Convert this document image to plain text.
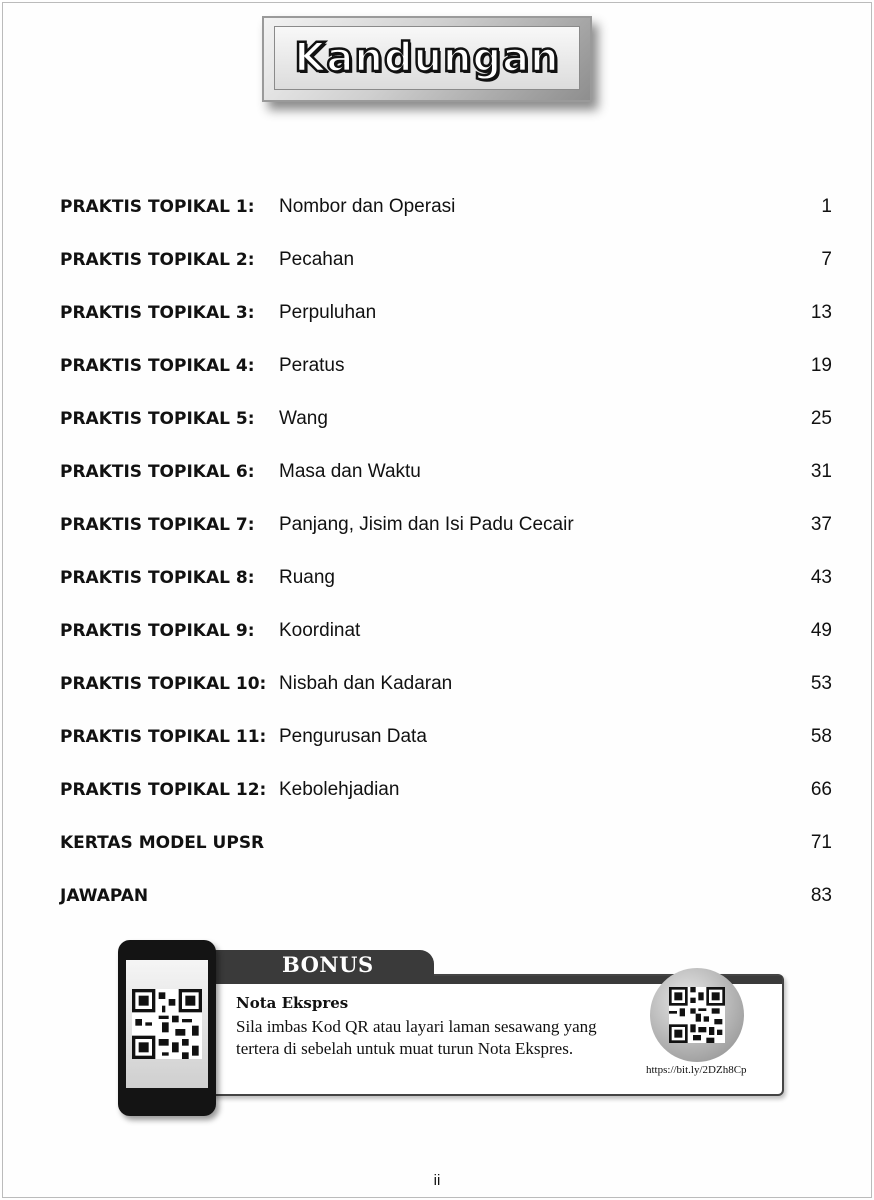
Kandungan
PRAKTIS TOPIKAL 1: Nombor dan Operasi	1
PRAKTIS TOPIKAL 2: Pecahan	7
PRAKTIS TOPIKAL 3: Perpuluhan	13
PRAKTIS TOPIKAL 4: Peratus	19
PRAKTIS TOPIKAL 5: Wang	25
PRAKTIS TOPIKAL 6: Masa dan Waktu	31
PRAKTIS TOPIKAL 7: Panjang, Jisim dan Isi Padu Cecair	37
PRAKTIS TOPIKAL 8: Ruang	43
PRAKTIS TOPIKAL 9: Koordinat	49
PRAKTIS TOPIKAL 10: Nisbah dan Kadaran	53
PRAKTIS TOPIKAL 11: Pengurusan Data	58
PRAKTIS TOPIKAL 12: Kebolehjadian	66
KERTAS MODEL UPSR	71
JAWAPAN	83
BONUS
Nota Ekspres
Sila imbas Kod QR atau layari laman sesawang yang tertera di sebelah untuk muat turun Nota Ekspres.
https://bit.ly/2DZh8Cp
ii
